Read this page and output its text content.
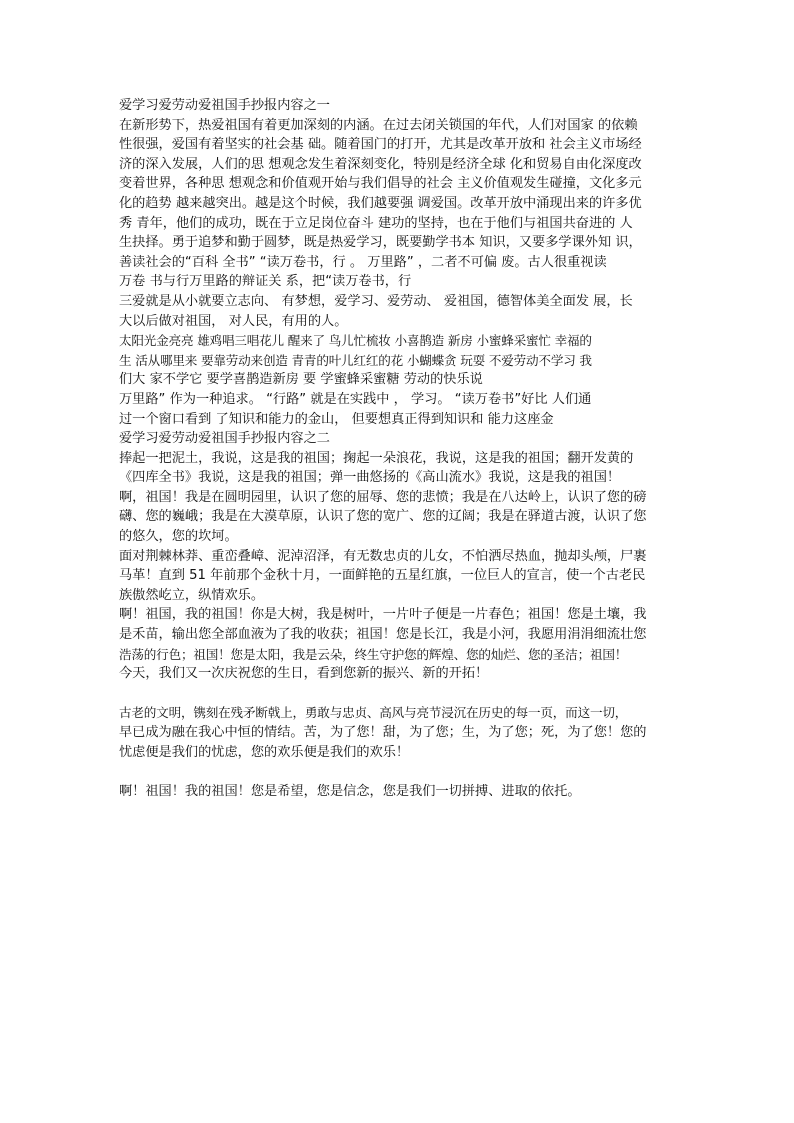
爱学习爱劳动爱祖国手抄报内容之一
在新形势下，热爱祖国有着更加深刻的内涵。在过去闭关锁国的年代，人们对国家 的依赖
性很强，爱国有着坚实的社会基 础。随着国门的打开，尤其是改革开放和 社会主义市场经
济的深入发展，人们的思 想观念发生着深刻变化，特别是经济全球 化和贸易自由化深度改
变着世界，各种思 想观念和价值观开始与我们倡导的社会 主义价值观发生碰撞，文化多元
化的趋势 越来越突出。越是这个时候，我们越要强 调爱国。改革开放中涌现出来的许多优
秀 青年，他们的成功，既在于立足岗位奋斗 建功的坚持，也在于他们与祖国共奋进的 人
生抉择。勇于追梦和勤于圆梦，既是热爱学习，既要勤学书本 知识，又要多学课外知 识，
善读社会的“百科 全书” “读万卷书，行 。 万里路” ，二者不可偏 废。古人很重视读
万卷 书与行万里路的辩证关 系，把“读万卷书，行
三爱就是从小就要立志向、 有梦想，爱学习、爱劳动、 爱祖国，德智体美全面发 展，长
大以后做对祖国， 对人民，有用的人。
太阳光金亮亮 雄鸡唱三唱花儿 醒来了 鸟儿忙梳妆 小喜鹊造 新房 小蜜蜂采蜜忙 幸福的
生 活从哪里来 要靠劳动来创造 青青的叶儿红红的花 小蝴蝶贪 玩耍 不爱劳动不学习 我
们大 家不学它 要学喜鹊造新房 要 学蜜蜂采蜜糖 劳动的快乐说
万里路” 作为一种追求。 “行路” 就是在实践中 ， 学习。 “读万卷书”好比 人们通
过一个窗口看到 了知识和能力的金山， 但要想真正得到知识和 能力这座金
爱学习爱劳动爱祖国手抄报内容之二
捧起一把泥土，我说，这是我的祖国；掬起一朵浪花，我说，这是我的祖国；翻开发黄的
《四库全书》我说，这是我的祖国；弹一曲悠扬的《高山流水》我说，这是我的祖国！
啊，祖国！我是在圆明园里，认识了您的屈辱、您的悲愤；我是在八达岭上，认识了您的磅
礴、您的巍峨；我是在大漠草原，认识了您的宽广、您的辽阔；我是在驿道古渡，认识了您
的悠久，您的坎坷。
面对荆棘林莽、重峦叠嶂、泥淖沼泽，有无数忠贞的儿女，不怕洒尽热血，抛却头颅，尸裹
马革！直到 51 年前那个金秋十月，一面鲜艳的五星红旗，一位巨人的宣言，使一个古老民
族傲然屹立，纵情欢乐。
啊！祖国，我的祖国！你是大树，我是树叶，一片叶子便是一片春色；祖国！您是土壤，我
是禾苗，输出您全部血液为了我的收获；祖国！您是长江，我是小河，我愿用涓涓细流壮您
浩荡的行色；祖国！您是太阳，我是云朵，终生守护您的辉煌、您的灿烂、您的圣洁；祖国！
今天，我们又一次庆祝您的生日，看到您新的振兴、新的开拓！
古老的文明，镌刻在残矛断戟上，勇敢与忠贞、高风与亮节浸沉在历史的每一页，而这一切，
早已成为融在我心中恒的情结。苦，为了您！甜，为了您；生，为了您；死，为了您！您的
忧虑便是我们的忧虑，您的欢乐便是我们的欢乐！
啊！祖国！我的祖国！您是希望，您是信念，您是我们一切拼搏、进取的依托。
